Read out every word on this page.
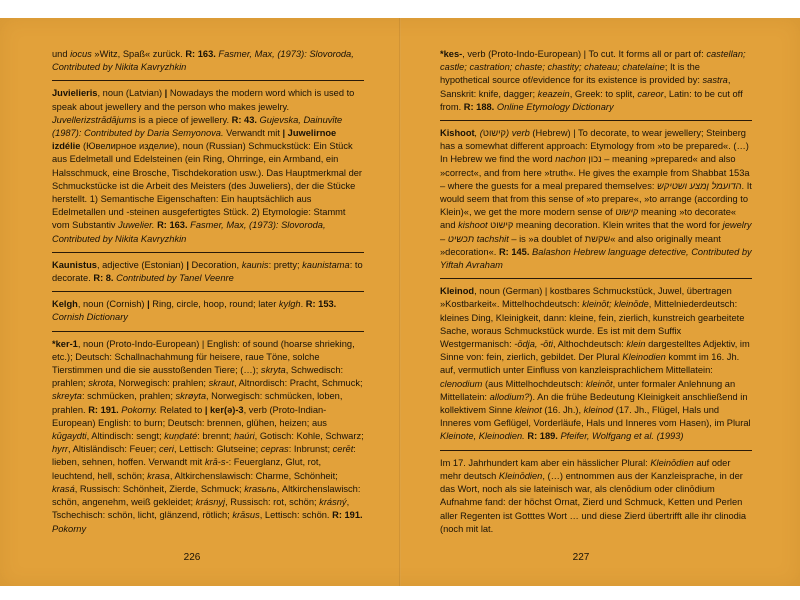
und iocus »Witz, Spaß« zurück. R: 163. Fasmer, Max, (1973): Slovoroda, Contributed by Nikita Kavryzhkin

Juvielieris, noun (Latvian) | Nowadays the modern word which is used to speak about jewellery and the person who makes jewelry. Juvellerizstrādājums is a piece of jewellery. R: 43. Gujevska, Dainuvīte (1987): Contributed by Daria Semyonova. Verwandt mit | Juwelirnoe izdélie (Ювелирное изделие), noun (Russian) Schmuckstück: Ein Stück aus Edelmetall und Edelsteinen (ein Ring, Ohrringe, ein Armband, ein Halsschmuck, eine Brosche, Tischdekoration usw.). Das Hauptmerkmal der Schmuckstücke ist die Arbeit des Meisters (des Juweliers), der die Stücke herstellt. 1) Semantische Eigenschaften: Ein hauptsächlich aus Edelmetallen und -steinen ausgefertigtes Stück. 2) Etymologie: Stammt vom Substantiv Juwelier. R: 163. Fasmer, Max, (1973): Slovoroda, Contributed by Nikita Kavryzhkin

Kaunistus, adjective (Estonian) | Decoration, kaunis: pretty; kaunistama: to decorate. R: 8. Contributed by Tanel Veenre

Kelgh, noun (Cornish) | Ring, circle, hoop, round; later kylgh. R: 153. Cornish Dictionary

*ker-1, noun (Proto-Indo-European) | English: of sound (hoarse shrieking, etc.); Deutsch: Schallnachahmung für heisere, raue Töne, solche Tierstimmen und die sie ausstoßenden Tiere; (…); skryta, Schwedisch: prahlen; skrota, Norwegisch: prahlen; skraut, Altnordisch: Pracht, Schmuck; skreyta: schmücken, prahlen; skrøyta, Norwegisch: schmücken, loben, prahlen. R: 191. Pokorny. Related to | ker(ə)-3, verb (Proto-Indian-European) English: to burn; Deutsch: brennen, glühen, heizen; aus kūgaydti, Altindisch: sengt; kuṇḍaté: brennt; haúri, Gotisch: Kohle, Schwarz; hyrr, Altisländisch: Feuer; ceri, Lettisch: Glutseine; cepras: Inbrunst; cerēt: lieben, sehnen, hoffen. Verwandt mit krā-s-: Feuerglanz, Glut, rot, leuchtend, hell, schön; krasa, Altkirchenslawisch: Charme, Schönheit; krasá, Russisch: Schönheit, Zierde, Schmuck; krasьnь, Altkirchenslawisch: schön, angenehm, weiß gekleidet; krásnyj, Russisch: rot, schön; krásný, Tschechisch: schön, licht, glänzend, rötlich; krāsus, Lettisch: schön. R: 191. Pokorny

226

*kes-, verb (Proto-Indo-European) | To cut. It forms all or part of: castellan; castle; castration; chaste; chastity; chateau; chatelaine; It is the hypothetical source of/evidence for its existence is provided by: sastra, Sanskrit: knife, dagger; keazein, Greek: to split, careor, Latin: to be cut off from. R: 188. Online Etymology Dictionary

Kishoot, (קישוט) verb (Hebrew) | To decorate, to wear jewellery; Steinberg has a somewhat different approach: Etymology from »to be prepared«. (…) In Hebrew we find the word nachon נכון – meaning »prepared« and also »correct«, and from here »truth«. He gives the example from Shabbat 153a – where the guests for a meal prepared themselves: הדועמל ןמצע ושטיקש. It would seem that from this sense of »to prepare«, »to arrange (according to Klein)«, we get the more modern sense of קישוט meaning »to decorate« and kishoot קישוט meaning decoration. Klein writes that the word for jewelry – תכשיט tachshit – is »a doublet of שקשת« and also originally meant »decoration«. R: 145. Balashon Hebrew language detective, Contributed by Yiftah Avraham

Kleinod, noun (German) | kostbares Schmuckstück, Juwel, übertragen »Kostbarkeit«. Mittelhochdeutsch: kleinōt; kleinōde, Mittelniederdeutsch: kleines Ding, Kleinigkeit, dann: kleine, fein, zierlich, kunstreich gearbeitete Sache, woraus Schmuckstück wurde. Es ist mit dem Suffix Westgermanisch: -ōdja, -ōti, Althochdeutsch: klein dargestelltes Adjektiv, im Sinne von: fein, zierlich, gebildet. Der Plural Kleinodien kommt im 16. Jh. auf, vermutlich unter Einfluss von kanzleisprachlichem Mittellatein: clenodium (aus Mittelhochdeutsch: kleinōt, unter formaler Anlehnung an Mittellatein: allodium?). An die frühe Bedeutung Kleinigkeit anschließend in kollektivem Sinne kleinot (16. Jh.), kleinod (17. Jh., Flügel, Hals und Inneres vom Geflügel, Vorderläufe, Hals und Inneres vom Hasen), im Plural Kleinote, Kleinodien. R: 189. Pfeifer, Wolfgang et al. (1993)

Im 17. Jahrhundert kam aber ein hässlicher Plural: Kleinōdien auf oder mehr deutsch Kleinōdien, (…) entnommen aus der Kanzleisprache, in der das Wort, noch als sie lateinisch war, als clenōdium oder clinōdium Aufnahme fand: der höchst Ornat, Zierd und Schmuck, Ketten und Perlen aller Regenten ist Gotttes Wort … und diese Zierd übertrifft alle ihr clinodia (noch mit lat.

227
